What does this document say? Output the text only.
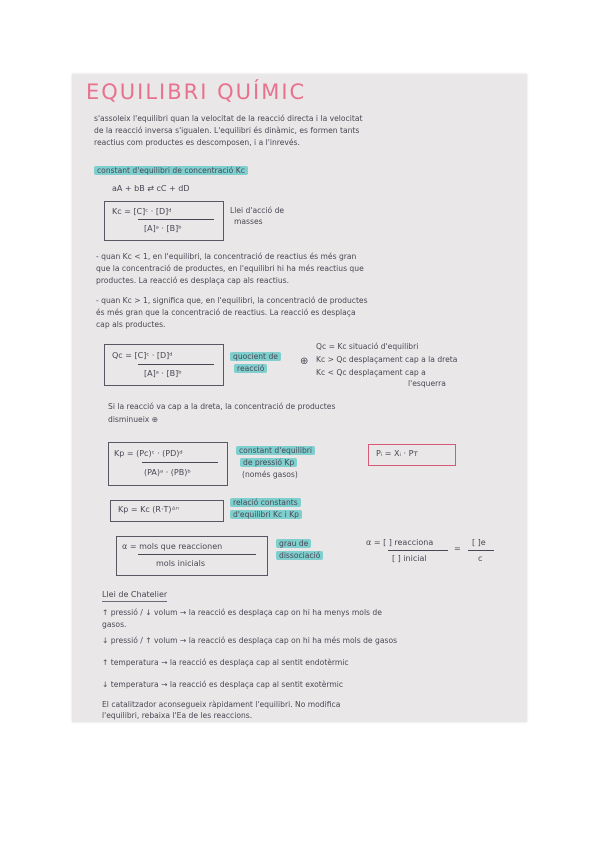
EQUILIBRI QUÍMIC
s'assoleix l'equilibri quan la velocitat de la reacció directa i la velocitat
de la reacció inversa s'igualen. L'equilibri és dinàmic, es formen tants
reactius com productes es descomposen, i a l'inrevés.
constant d'equilibri de concentració Kc
aA + bB ⇄ cC + dD
Kc = [C]ᶜ · [D]ᵈ
[A]ᵃ · [B]ᵇ
Llei d'acció de
masses
- quan Kc < 1, en l'equilibri, la concentració de reactius és més gran
que la concentració de productes, en l'equilibri hi ha més reactius que
productes. La reacció es desplaça cap als reactius.
- quan Kc > 1, significa que, en l'equilibri, la concentració de productes
és més gran que la concentració de reactius. La reacció es desplaça
cap als productes.
Qc = [C]ᶜ · [D]ᵈ
[A]ᵃ · [B]ᵇ
quocient de
reacció
⊕
Qc = Kc situació d'equilibri
Kc > Qc desplaçament cap a la dreta
Kc < Qc desplaçament cap a
l'esquerra
Si la reacció va cap a la dreta, la concentració de productes
disminueix ⊕
Kp = (Pc)ᶜ · (PD)ᵈ
(PA)ᵃ · (PB)ᵇ
constant d'equilibri
de pressió Kp
(només gasos)
Pᵢ = Xᵢ · Pᴛ
Kp = Kc (R·T)ᐞⁿ
relació constants
d'equilibri Kc i Kp
α = mols que reaccionen
mols inicials
grau de
dissociació
α = [ ] reacciona
[ ] inicial
=
[ ]e
c
Llei de Chatelier
↑ pressió / ↓ volum → la reacció es desplaça cap on hi ha menys mols de
gasos.
↓ pressió / ↑ volum → la reacció es desplaça cap on hi ha més mols de gasos
↑ temperatura → la reacció es desplaça cap al sentit endotèrmic
↓ temperatura → la reacció es desplaça cap al sentit exotèrmic
El catalitzador aconsegueix ràpidament l'equilibri. No modifica
l'equilibri, rebaixa l'Ea de les reaccions.
